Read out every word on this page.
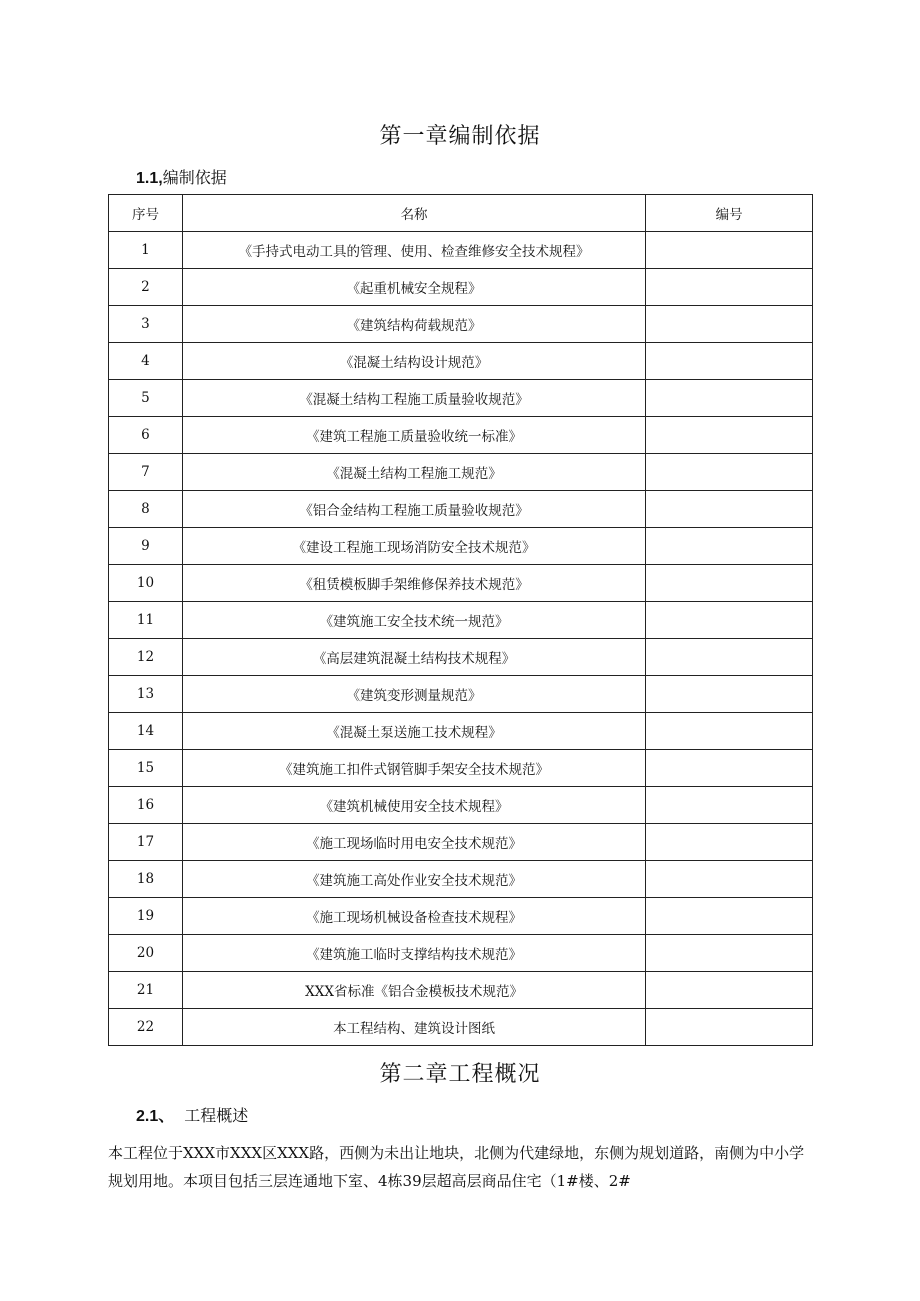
第一章编制依据
1.1,编制依据
序号	名称	编号
1	《手持式电动工具的管理、使用、检查维修安全技术规程》	
2	《起重机械安全规程》	
3	《建筑结构荷载规范》	
4	《混凝土结构设计规范》	
5	《混凝土结构工程施工质量验收规范》	
6	《建筑工程施工质量验收统一标准》	
7	《混凝土结构工程施工规范》	
8	《铝合金结构工程施工质量验收规范》	
9	《建设工程施工现场消防安全技术规范》	
10	《租赁模板脚手架维修保养技术规范》	
11	《建筑施工安全技术统一规范》	
12	《高层建筑混凝土结构技术规程》	
13	《建筑变形测量规范》	
14	《混凝土泵送施工技术规程》	
15	《建筑施工扣件式钢管脚手架安全技术规范》	
16	《建筑机械使用安全技术规程》	
17	《施工现场临时用电安全技术规范》	
18	《建筑施工高处作业安全技术规范》	
19	《施工现场机械设备检查技术规程》	
20	《建筑施工临时支撑结构技术规范》	
21	XXX省标准《铝合金模板技术规范》	
22	本工程结构、建筑设计图纸	
第二章工程概况
2.1、 工程概述
本工程位于XXX市XXX区XXX路，西侧为未出让地块，北侧为代建绿地，东侧为规划道路，南侧为中小学规划用地。本项目包括三层连通地下室、4栋39层超高层商品住宅（1#楼、2#
